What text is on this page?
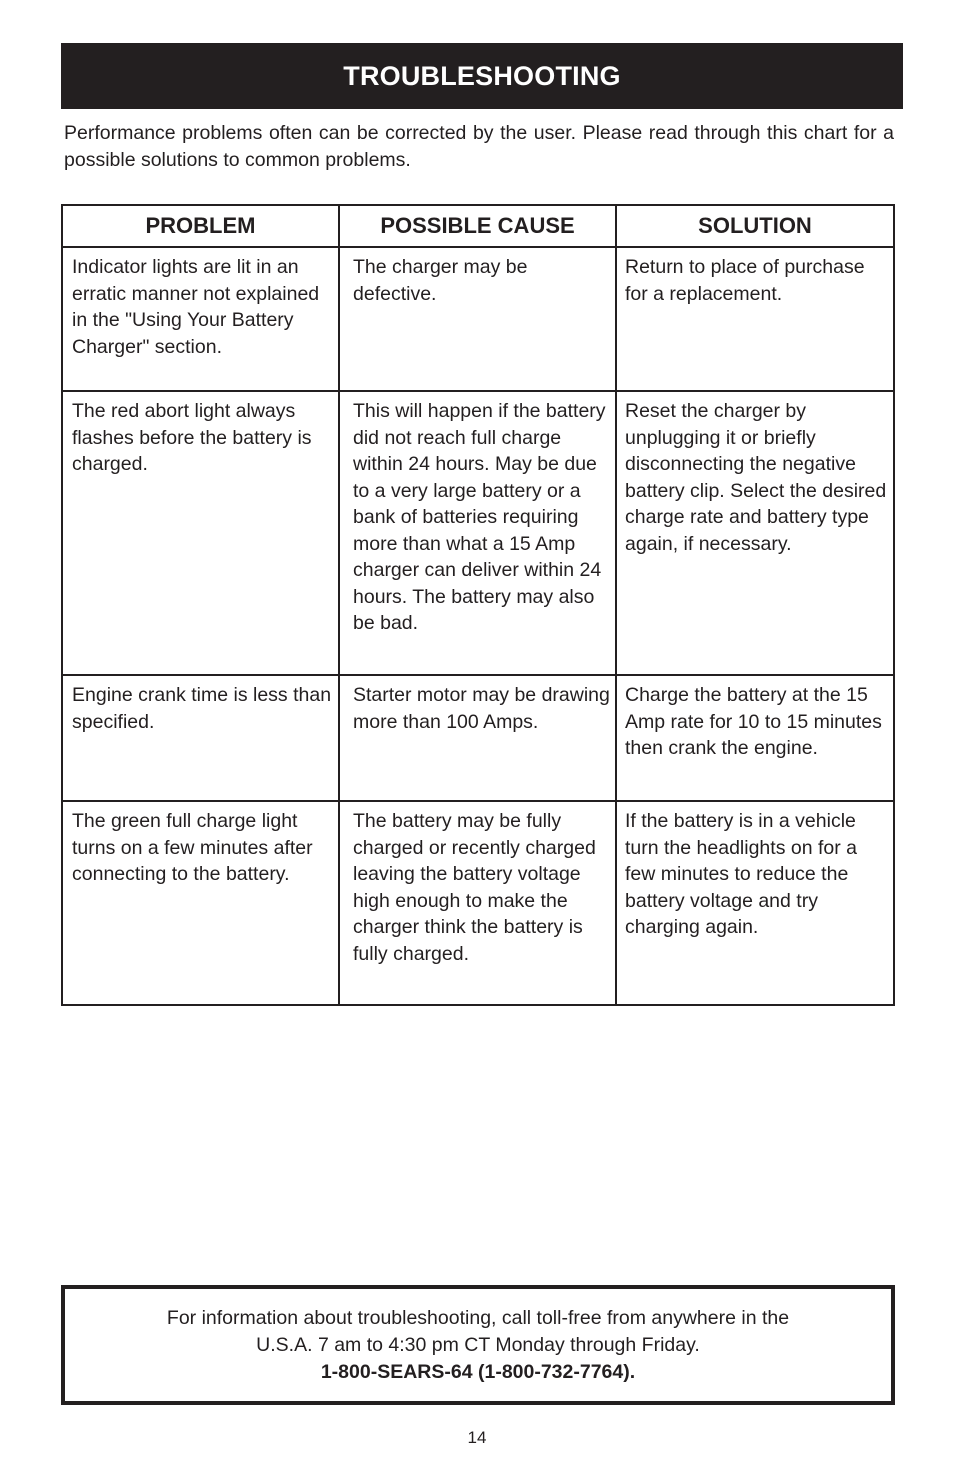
TROUBLESHOOTING

Performance problems often can be corrected by the user. Please read through this chart for a possible solutions to common problems.

PROBLEM	POSSIBLE CAUSE	SOLUTION
Indicator lights are lit in an erratic manner not explained in the "Using Your Battery Charger" section.	The charger may be defective.	Return to place of purchase for a replacement.
The red abort light always flashes before the battery is charged.	This will happen if the battery did not reach full charge within 24 hours. May be due to a very large battery or a bank of batteries requiring more than what a 15 Amp charger can deliver within 24 hours. The battery may also be bad.	Reset the charger by unplugging it or briefly disconnecting the negative battery clip. Select the desired charge rate and battery type again, if necessary.
Engine crank time is less than specified.	Starter motor may be drawing more than 100 Amps.	Charge the battery at the 15 Amp rate for 10 to 15 minutes then crank the engine.
The green full charge light turns on a few minutes after connecting to the battery.	The battery may be fully charged or recently charged leaving the battery voltage high enough to make the charger think the battery is fully charged.	If the battery is in a vehicle turn the headlights on for a few minutes to reduce the battery voltage and try charging again.
For information about troubleshooting, call toll-free from anywhere in the
U.S.A. 7 am to 4:30 pm CT Monday through Friday.
1-800-SEARS-64 (1-800-732-7764).
14
